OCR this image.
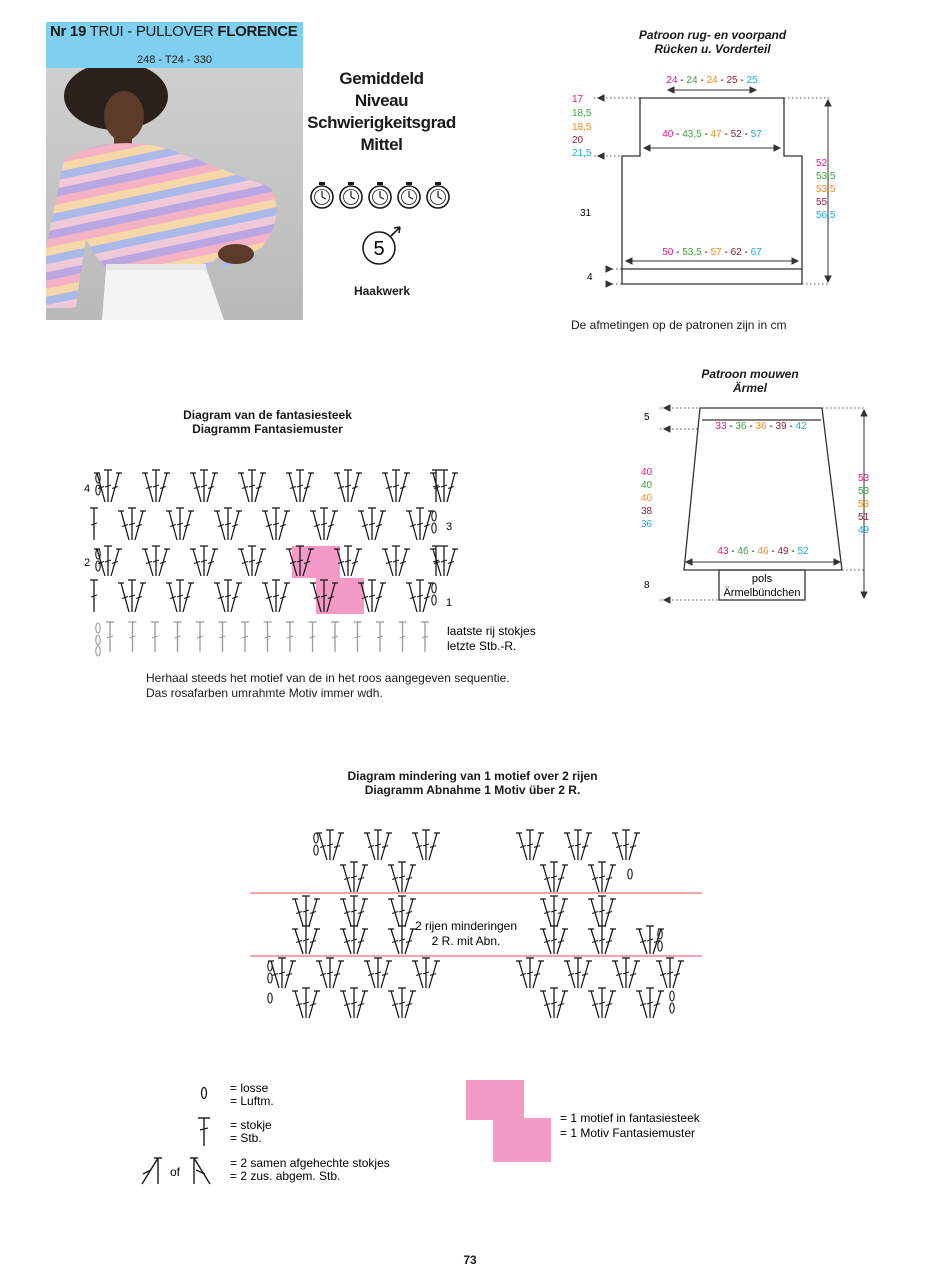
Nr 19 TRUI - PULLOVER FLORENCE
248 - T24 - 330
Gemiddeld
Niveau
Schwierigkeitsgrad
Mittel
5
Haakwerk
Patroon rug- en voorpand
Rücken u. Vorderteil
24 - 24 - 24 - 25 - 25
40 - 43,5 - 47 - 52 - 57
50 - 53,5 - 57 - 62 - 67
17
18,5
18,5
20
21,5
52
53,5
53,5
55
56,5
31
4
De afmetingen op de patronen zijn in cm
Patroon mouwen
Ärmel
5
8
33 - 36 - 36 - 39 - 42
43 - 46 - 46 - 49 - 52
40
40
40
38
36
53
53
53
51
49
pols
Ärmelbündchen
Diagram van de fantasiesteek
Diagramm Fantasiemuster
4
3
2
1
laatste rij stokjes
letzte Stb.-R.
Herhaal steeds het motief van de in het roos aangegeven sequentie.
Das rosafarben umrahmte Motiv immer wdh.
Diagram mindering van 1 motief over 2 rijen
Diagramm Abnahme 1 Motiv über 2 R.
2 rijen minderingen
2 R. mit Abn.
= losse
= Luftm.
= stokje
= Stb.
of
= 2 samen afgehechte stokjes
= 2 zus. abgem. Stb.
= 1 motief in fantasiesteek
= 1 Motiv Fantasiemuster
73
